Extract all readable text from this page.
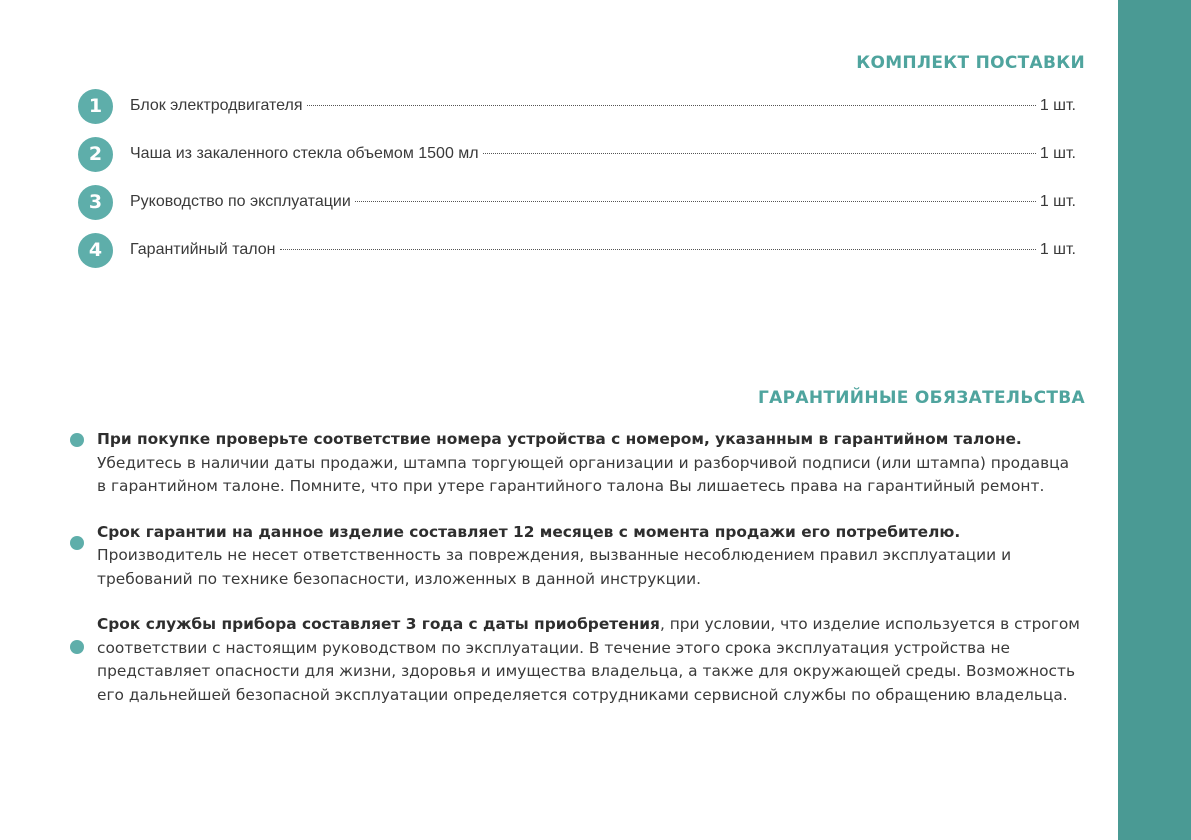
КОМПЛЕКТ ПОСТАВКИ
1	Блок электродвигателя	1 шт.
2	Чаша из закаленного стекла объемом 1500 мл	1 шт.
3	Руководство по эксплуатации	1 шт.
4	Гарантийный талон	1 шт.
ГАРАНТИЙНЫЕ ОБЯЗАТЕЛЬСТВА

При покупке проверьте соответствие номера устройства с номером, указанным в гарантийном талоне. Убедитесь в наличии даты продажи, штампа торгующей организации и разборчивой подписи (или штампа) продавца в гарантийном талоне. Помните, что при утере гарантийного талона Вы лишаетесь права на гарантийный ремонт.

Срок гарантии на данное изделие составляет 12 месяцев с момента продажи его потребителю. Производитель не несет ответственность за повреждения, вызванные несоблюдением правил эксплуатации и требований по технике безопасности, изложенных в данной инструкции.

Срок службы прибора составляет 3 года с даты приобретения, при условии, что изделие используется в строгом соответствии с настоящим руководством по эксплуатации. В течение этого срока эксплуатация устройства не представляет опасности для жизни, здоровья и имущества владельца, а также для окружающей среды. Возможность его дальнейшей безопасной эксплуатации определяется сотрудниками сервисной службы по обращению владельца.
